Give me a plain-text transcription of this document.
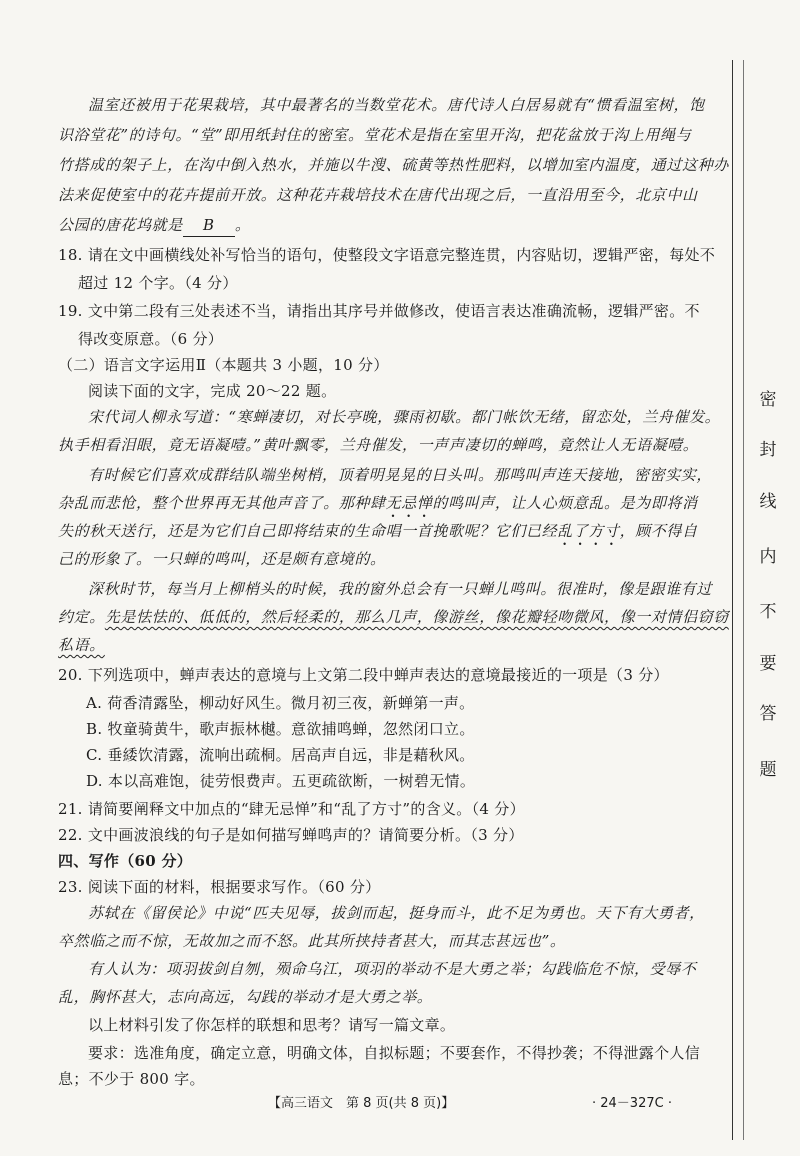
温室还被用于花果栽培，其中最著名的当数堂花术。唐代诗人白居易就有“惯看温室树，饱
识浴堂花”的诗句。“堂”即用纸封住的密室。堂花术是指在室里开沟，把花盆放于沟上用绳与
竹搭成的架子上，在沟中倒入热水，并施以牛溲、硫黄等热性肥料，以增加室内温度，通过这种办
法来促使室中的花卉提前开放。这种花卉栽培技术在唐代出现之后，一直沿用至今，北京中山
公园的唐花坞就是 B 。
18. 请在文中画横线处补写恰当的语句，使整段文字语意完整连贯，内容贴切，逻辑严密，每处不
超过 12 个字。（4 分）
19. 文中第二段有三处表述不当，请指出其序号并做修改，使语言表达准确流畅，逻辑严密。不
得改变原意。（6 分）
（二）语言文字运用Ⅱ（本题共 3 小题，10 分）
阅读下面的文字，完成 20～22 题。
宋代词人柳永写道：“寒蝉凄切，对长亭晚，骤雨初歇。都门帐饮无绪，留恋处，兰舟催发。
执手相看泪眼，竟无语凝噎。”黄叶飘零，兰舟催发，一声声凄切的蝉鸣，竟然让人无语凝噎。
有时候它们喜欢成群结队端坐树梢，顶着明晃晃的日头叫。那鸣叫声连天接地，密密实实，
杂乱而悲怆，整个世界再无其他声音了。那种肆无忌惮的鸣叫声，让人心烦意乱。是为即将消
失的秋天送行，还是为它们自己即将结束的生命唱一首挽歌呢？它们已经乱了方寸，顾不得自
己的形象了。一只蝉的鸣叫，还是颇有意境的。
深秋时节，每当月上柳梢头的时候，我的窗外总会有一只蝉儿鸣叫。很准时，像是跟谁有过
约定。先是怯怯的、低低的，然后轻柔的，那么几声，像游丝，像花瓣轻吻微风，像一对情侣窃窃
私语。
20. 下列选项中，蝉声表达的意境与上文第二段中蝉声表达的意境最接近的一项是（3 分）
A. 荷香清露坠，柳动好风生。微月初三夜，新蝉第一声。
B. 牧童骑黄牛，歌声振林樾。意欲捕鸣蝉，忽然闭口立。
C. 垂緌饮清露，流响出疏桐。居高声自远，非是藉秋风。
D. 本以高难饱，徒劳恨费声。五更疏欲断，一树碧无情。
21. 请简要阐释文中加点的“肆无忌惮”和“乱了方寸”的含义。（4 分）
22. 文中画波浪线的句子是如何描写蝉鸣声的？请简要分析。（3 分）
四、写作（60 分）
23. 阅读下面的材料，根据要求写作。（60 分）
苏轼在《留侯论》中说“匹夫见辱，拔剑而起，挺身而斗，此不足为勇也。天下有大勇者，
卒然临之而不惊，无故加之而不怒。此其所挟持者甚大，而其志甚远也”。
有人认为：项羽拔剑自刎，殒命乌江，项羽的举动不是大勇之举；勾践临危不惊，受辱不
乱，胸怀甚大，志向高远，勾践的举动才是大勇之举。
以上材料引发了你怎样的联想和思考？请写一篇文章。
要求：选准角度，确定立意，明确文体，自拟标题；不要套作，不得抄袭；不得泄露个人信
息；不少于 800 字。
【高三语文　第 8 页(共 8 页)】	· 24－327C ·
密
封
线
内
不
要
答
题
